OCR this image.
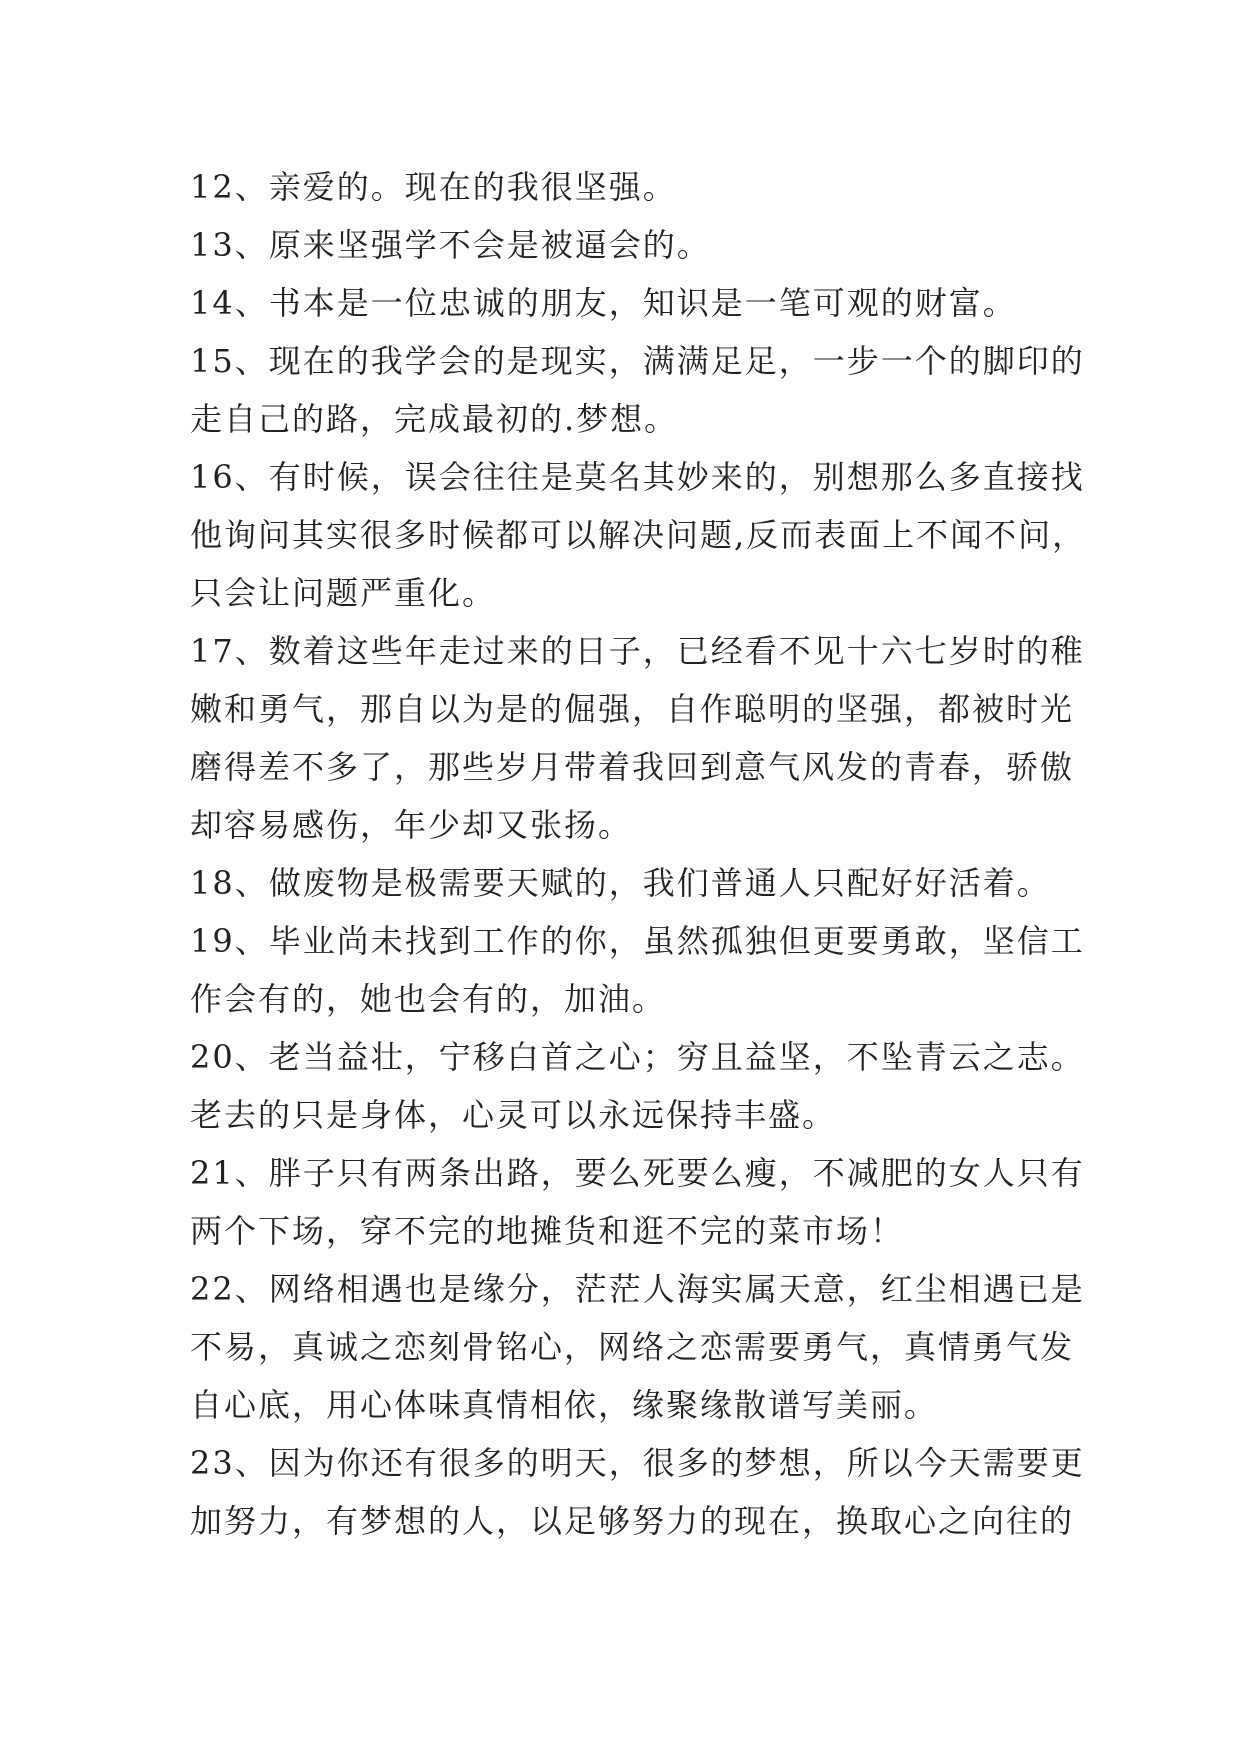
12、亲爱的。现在的我很坚强。
13、原来坚强学不会是被逼会的。
14、书本是一位忠诚的朋友，知识是一笔可观的财富。
15、现在的我学会的是现实，满满足足，一步一个的脚印的
走自己的路，完成最初的.梦想。
16、有时候，误会往往是莫名其妙来的，别想那么多直接找
他询问其实很多时候都可以解决问题,反而表面上不闻不问，
只会让问题严重化。
17、数着这些年走过来的日子，已经看不见十六七岁时的稚
嫩和勇气，那自以为是的倔强，自作聪明的坚强，都被时光
磨得差不多了，那些岁月带着我回到意气风发的青春，骄傲
却容易感伤，年少却又张扬。
18、做废物是极需要天赋的，我们普通人只配好好活着。
19、毕业尚未找到工作的你，虽然孤独但更要勇敢，坚信工
作会有的，她也会有的，加油。
20、老当益壮，宁移白首之心；穷且益坚，不坠青云之志。
老去的只是身体，心灵可以永远保持丰盛。
21、胖子只有两条出路，要么死要么瘦，不减肥的女人只有
两个下场，穿不完的地摊货和逛不完的菜市场！
22、网络相遇也是缘分，茫茫人海实属天意，红尘相遇已是
不易，真诚之恋刻骨铭心，网络之恋需要勇气，真情勇气发
自心底，用心体味真情相依，缘聚缘散谱写美丽。
23、因为你还有很多的明天，很多的梦想，所以今天需要更
加努力，有梦想的人，以足够努力的现在，换取心之向往的
